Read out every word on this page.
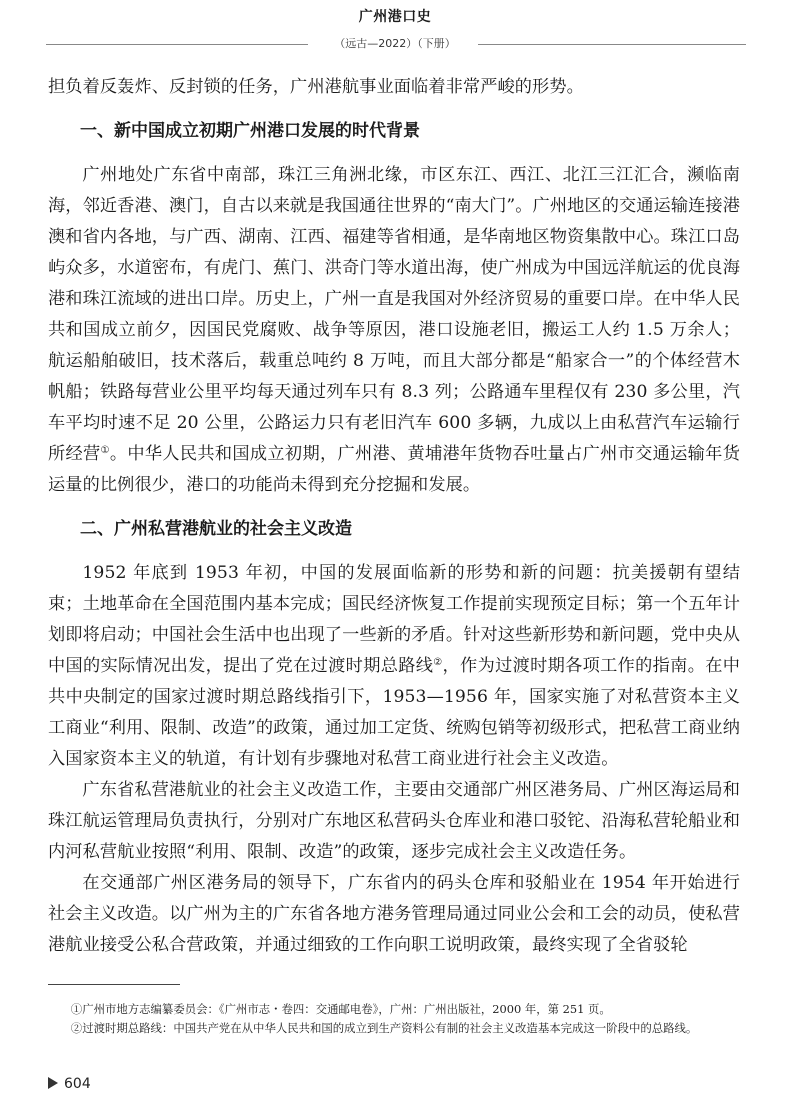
广州港口史
（远古—2022）（下册）

担负着反轰炸、反封锁的任务，广州港航事业面临着非常严峻的形势。

一、新中国成立初期广州港口发展的时代背景

广州地处广东省中南部，珠江三角洲北缘，市区东江、西江、北江三江汇合，濒临南海，邻近香港、澳门，自古以来就是我国通往世界的“南大门”。广州地区的交通运输连接港澳和省内各地，与广西、湖南、江西、福建等省相通，是华南地区物资集散中心。珠江口岛屿众多，水道密布，有虎门、蕉门、洪奇门等水道出海，使广州成为中国远洋航运的优良海港和珠江流域的进出口岸。历史上，广州一直是我国对外经济贸易的重要口岸。在中华人民共和国成立前夕，因国民党腐败、战争等原因，港口设施老旧，搬运工人约 1.5 万余人；航运船舶破旧，技术落后，载重总吨约 8 万吨，而且大部分都是“船家合一”的个体经营木帆船；铁路每营业公里平均每天通过列车只有 8.3 列；公路通车里程仅有 230 多公里，汽车平均时速不足 20 公里，公路运力只有老旧汽车 600 多辆，九成以上由私营汽车运输行所经营①。中华人民共和国成立初期，广州港、黄埔港年货物吞吐量占广州市交通运输年货运量的比例很少，港口的功能尚未得到充分挖掘和发展。

二、广州私营港航业的社会主义改造

1952 年底到 1953 年初，中国的发展面临新的形势和新的问题：抗美援朝有望结束；土地革命在全国范围内基本完成；国民经济恢复工作提前实现预定目标；第一个五年计划即将启动；中国社会生活中也出现了一些新的矛盾。针对这些新形势和新问题，党中央从中国的实际情况出发，提出了党在过渡时期总路线②，作为过渡时期各项工作的指南。在中共中央制定的国家过渡时期总路线指引下，1953—1956 年，国家实施了对私营资本主义工商业“利用、限制、改造”的政策，通过加工定货、统购包销等初级形式，把私营工商业纳入国家资本主义的轨道，有计划有步骤地对私营工商业进行社会主义改造。

广东省私营港航业的社会主义改造工作，主要由交通部广州区港务局、广州区海运局和珠江航运管理局负责执行，分别对广东地区私营码头仓库业和港口驳铊、沿海私营轮船业和内河私营航业按照“利用、限制、改造”的政策，逐步完成社会主义改造任务。

在交通部广州区港务局的领导下，广东省内的码头仓库和驳船业在 1954 年开始进行社会主义改造。以广州为主的广东省各地方港务管理局通过同业公会和工会的动员，使私营港航业接受公私合营政策，并通过细致的工作向职工说明政策，最终实现了全省驳轮

①广州市地方志编纂委员会：《广州市志・卷四：交通邮电卷》，广州：广州出版社，2000 年，第 251 页。

②过渡时期总路线：中国共产党在从中华人民共和国的成立到生产资料公有制的社会主义改造基本完成这一阶段中的总路线。

604
